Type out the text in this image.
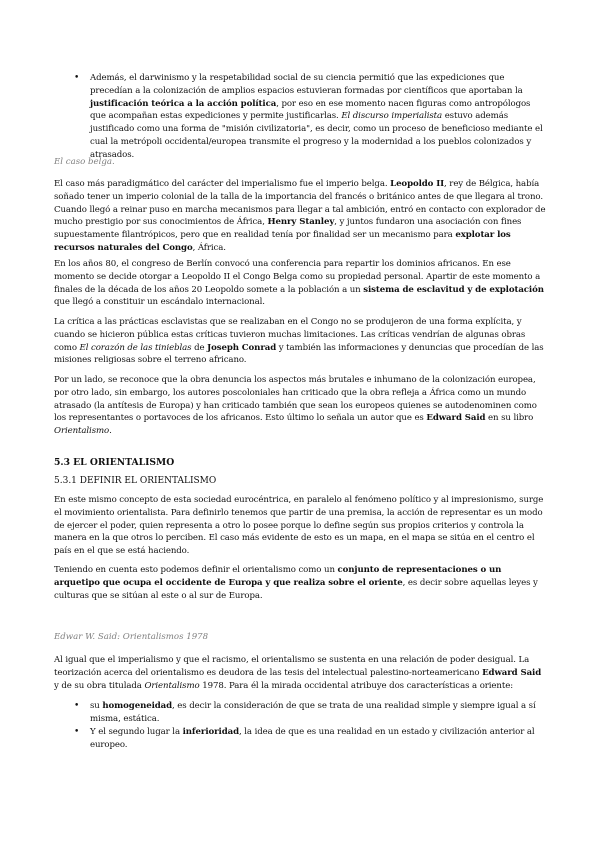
• Además, el darwinismo y la respetabilidad social de su ciencia permitió que las expediciones que precedían a la colonización de amplios espacios estuvieran formadas por científicos que aportaban la justificación teórica a la acción política, por eso en ese momento nacen figuras como antropólogos que acompañan estas expediciones y permite justificarlas. El discurso imperialista estuvo además justificado como una forma de "misión civilizatoria", es decir, como un proceso de beneficioso mediante el cual la metrópoli occidental/europea transmite el progreso y la modernidad a los pueblos colonizados y atrasados.
El caso belga.
El caso más paradigmático del carácter del imperialismo fue el imperio belga. Leopoldo II, rey de Bélgica, había soñado tener un imperio colonial de la talla de la importancia del francés o británico antes de que llegara al trono. Cuando llegó a reinar puso en marcha mecanismos para llegar a tal ambición, entró en contacto con explorador de mucho prestigio por sus conocimientos de África, Henry Stanley, y juntos fundaron una asociación con fines supuestamente filantrópicos, pero que en realidad tenía por finalidad ser un mecanismo para explotar los recursos naturales del Congo, África.
En los años 80, el congreso de Berlín convocó una conferencia para repartir los dominios africanos. En ese momento se decide otorgar a Leopoldo II el Congo Belga como su propiedad personal. Apartir de este momento a finales de la década de los años 20 Leopoldo somete a la población a un sistema de esclavitud y de explotación que llegó a constituir un escándalo internacional.
La crítica a las prácticas esclavistas que se realizaban en el Congo no se produjeron de una forma explícita, y cuando se hicieron pública estas críticas tuvieron muchas limitaciones. Las críticas vendrían de algunas obras como El corazón de las tinieblas de Joseph Conrad y también las informaciones y denuncias que procedían de las misiones religiosas sobre el terreno africano.
Por un lado, se reconoce que la obra denuncia los aspectos más brutales e inhumano de la colonización europea, por otro lado, sin embargo, los autores poscoloniales han criticado que la obra refleja a África como un mundo atrasado (la antítesis de Europa) y han criticado también que sean los europeos quienes se autodenominen como los representantes o portavoces de los africanos. Esto último lo señala un autor que es Edward Said en su libro Orientalismo.
5.3 EL ORIENTALISMO
5.3.1 DEFINIR EL ORIENTALISMO
En este mismo concepto de esta sociedad eurocéntrica, en paralelo al fenómeno político y al impresionismo, surge el movimiento orientalista. Para definirlo tenemos que partir de una premisa, la acción de representar es un modo de ejercer el poder, quien representa a otro lo posee porque lo define según sus propios criterios y controla la manera en la que otros lo perciben. El caso más evidente de esto es un mapa, en el mapa se sitúa en el centro el país en el que se está haciendo.
Teniendo en cuenta esto podemos definir el orientalismo como un conjunto de representaciones o un arquetipo que ocupa el occidente de Europa y que realiza sobre el oriente, es decir sobre aquellas leyes y culturas que se sitúan al este o al sur de Europa.
Edwar W. Said: Orientalismos 1978
Al igual que el imperialismo y que el racismo, el orientalismo se sustenta en una relación de poder desigual. La teorización acerca del orientalismo es deudora de las tesis del intelectual palestino-norteamericano Edward Said y de su obra titulada Orientalismo 1978. Para él la mirada occidental atribuye dos características a oriente:
• su homogeneidad, es decir la consideración de que se trata de una realidad simple y siempre igual a sí misma, estática.
• Y el segundo lugar la inferioridad, la idea de que es una realidad en un estado y civilización anterior al europeo.
